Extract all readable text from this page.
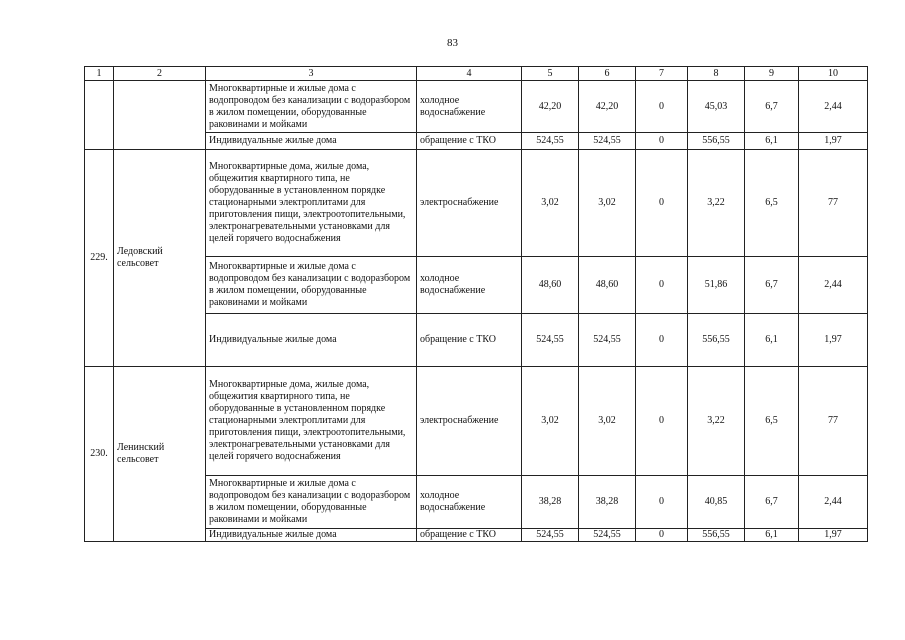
83
1	2	3	4	5	6	7	8	9	10
		Многоквартирные и жилые дома с водопроводом без канализации с водоразбором в жилом помещении, оборудованные раковинами и мойками	холодное водоснабжение	42,20	42,20	0	45,03	6,7	2,44
		Индивидуальные жилые дома	обращение с ТКО	524,55	524,55	0	556,55	6,1	1,97
229.	Ледовский сельсовет	Многоквартирные дома, жилые дома, общежития квартирного типа, не оборудованные в установленном порядке стационарными электроплитами для приготовления пищи, электроотопительными, электронагревательными установками для целей горячего водоснабжения	электроснабжение	3,02	3,02	0	3,22	6,5	77
		Многоквартирные и жилые дома с водопроводом без канализации с водоразбором в жилом помещении, оборудованные раковинами и мойками	холодное водоснабжение	48,60	48,60	0	51,86	6,7	2,44
		Индивидуальные жилые дома	обращение с ТКО	524,55	524,55	0	556,55	6,1	1,97
230.	Ленинский сельсовет	Многоквартирные дома, жилые дома, общежития квартирного типа, не оборудованные в установленном порядке стационарными электроплитами для приготовления пищи, электроотопительными, электронагревательными установками для целей горячего водоснабжения	электроснабжение	3,02	3,02	0	3,22	6,5	77
		Многоквартирные и жилые дома с водопроводом без канализации с водоразбором в жилом помещении, оборудованные раковинами и мойками	холодное водоснабжение	38,28	38,28	0	40,85	6,7	2,44
		Индивидуальные жилые дома	обращение с ТКО	524,55	524,55	0	556,55	6,1	1,97
